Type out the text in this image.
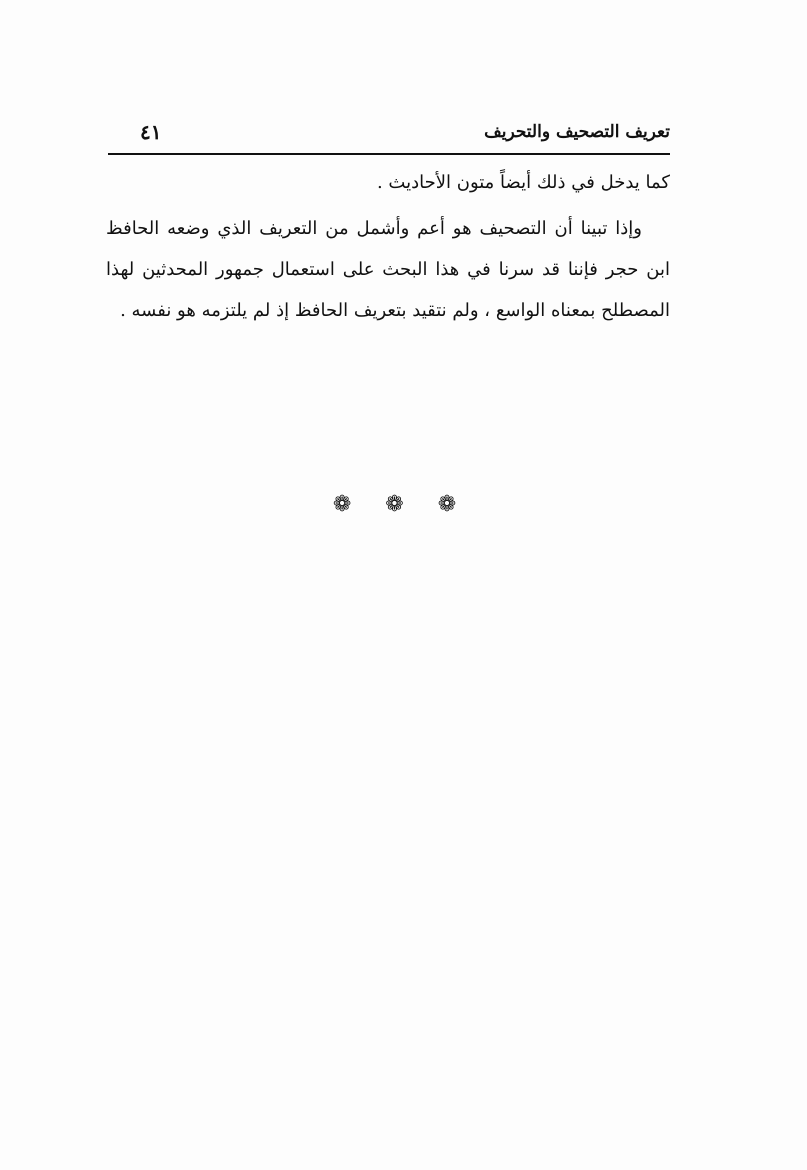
تعريف التصحيف والتحريف
٤١

كما يدخل في ذلك أيضاً متون الأحاديث .

وإذا تبينا أن التصحيف هو أعم وأشمل من التعريف الذي وضعه الحافظ ابن حجر فإننا قد سرنا في هذا البحث على استعمال جمهور المحدثين لهذا المصطلح بمعناه الواسع ، ولم نتقيد بتعريف الحافظ إذ لم يلتزمه هو نفسه .

❁ ❁ ❁
